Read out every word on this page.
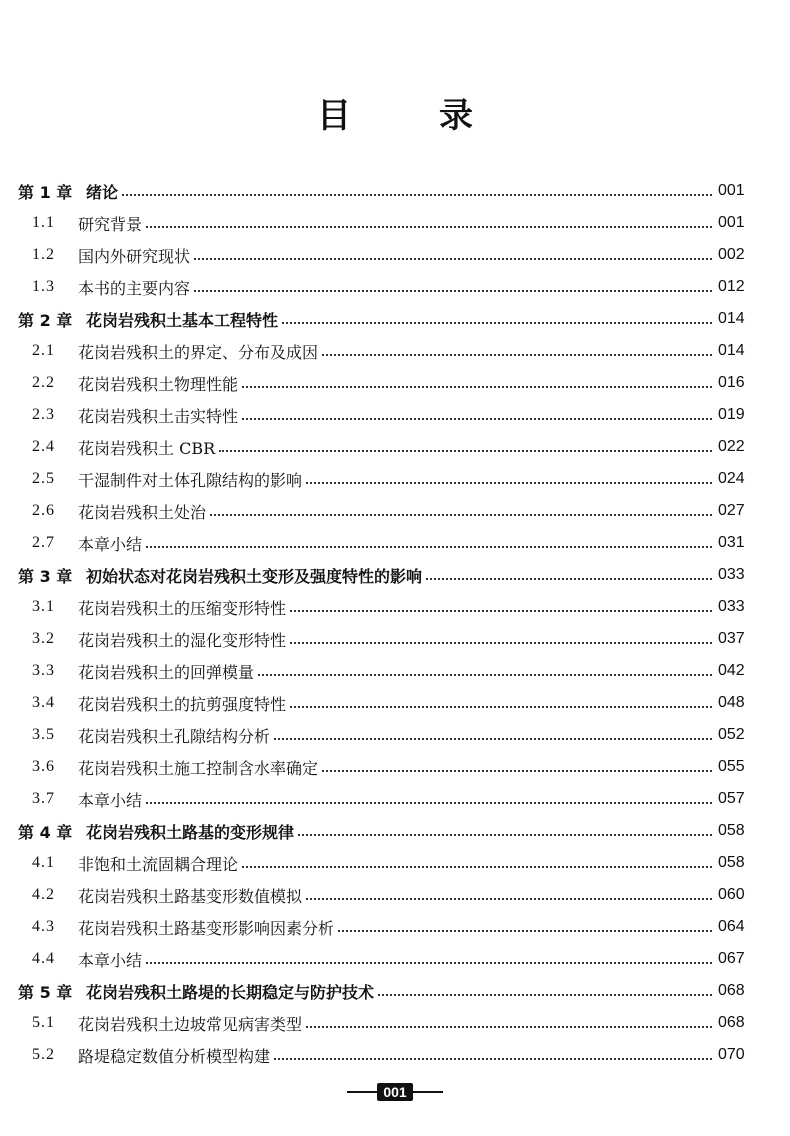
目	录
第 1 章 绪论	001
1.1	研究背景	001
1.2	国内外研究现状	002
1.3	本书的主要内容	012
第 2 章 花岗岩残积土基本工程特性	014
2.1	花岗岩残积土的界定、分布及成因	014
2.2	花岗岩残积土物理性能	016
2.3	花岗岩残积土击实特性	019
2.4	花岗岩残积土 CBR	022
2.5	干湿制件对土体孔隙结构的影响	024
2.6	花岗岩残积土处治	027
2.7	本章小结	031
第 3 章 初始状态对花岗岩残积土变形及强度特性的影响	033
3.1	花岗岩残积土的压缩变形特性	033
3.2	花岗岩残积土的湿化变形特性	037
3.3	花岗岩残积土的回弹模量	042
3.4	花岗岩残积土的抗剪强度特性	048
3.5	花岗岩残积土孔隙结构分析	052
3.6	花岗岩残积土施工控制含水率确定	055
3.7	本章小结	057
第 4 章 花岗岩残积土路基的变形规律	058
4.1	非饱和土流固耦合理论	058
4.2	花岗岩残积土路基变形数值模拟	060
4.3	花岗岩残积土路基变形影响因素分析	064
4.4	本章小结	067
第 5 章 花岗岩残积土路堤的长期稳定与防护技术	068
5.1	花岗岩残积土边坡常见病害类型	068
5.2	路堤稳定数值分析模型构建	070
001
